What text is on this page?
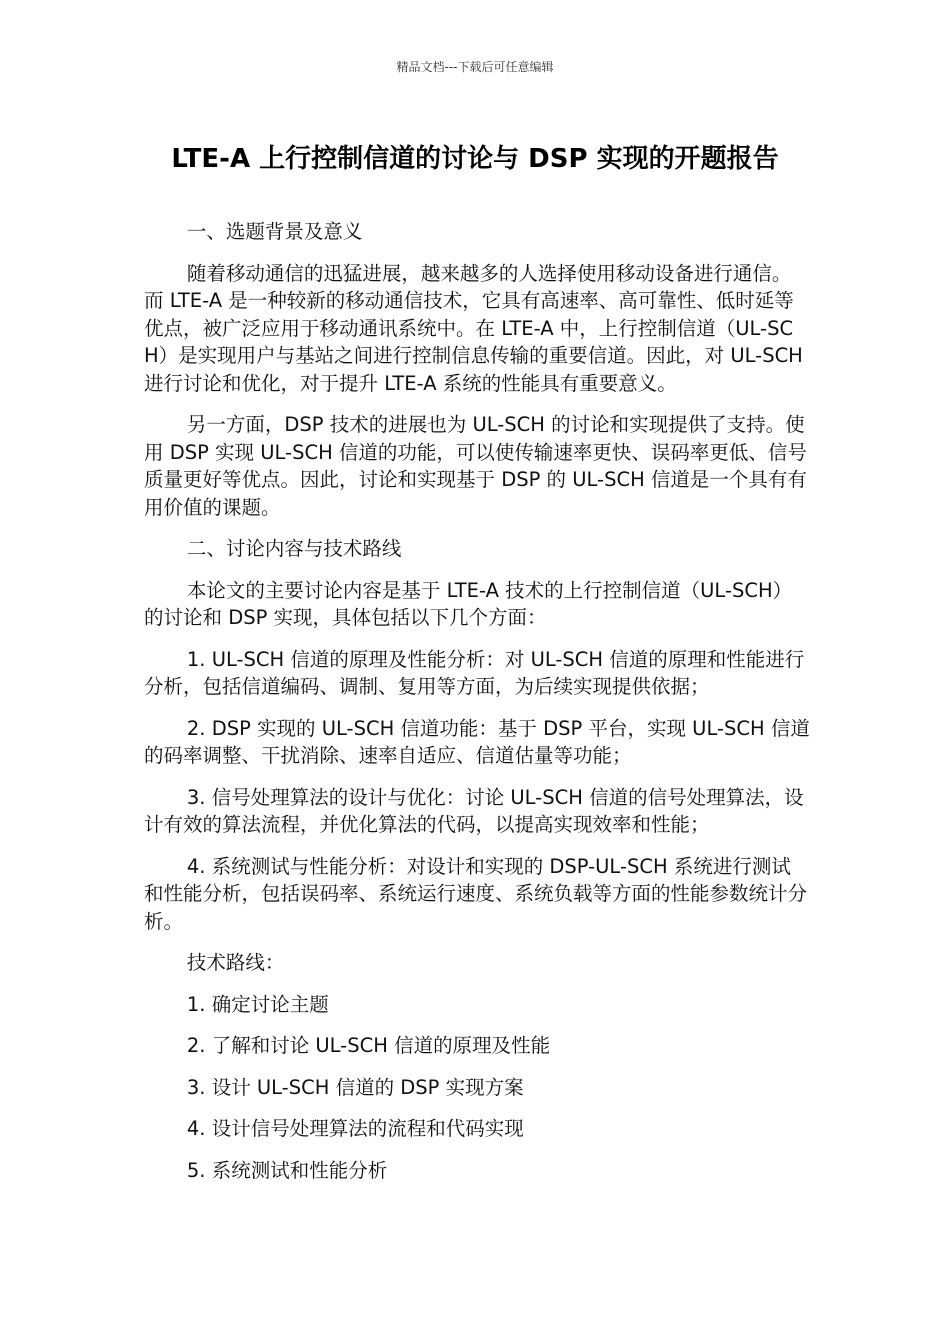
精品文档---下载后可任意编辑
LTE-A 上行控制信道的讨论与 DSP 实现的开题报告

一、选题背景及意义

随着移动通信的迅猛进展，越来越多的人选择使用移动设备进行通信。而 LTE-A 是一种较新的移动通信技术，它具有高速率、高可靠性、低时延等优点，被广泛应用于移动通讯系统中。在 LTE-A 中，上行控制信道（UL-SCH）是实现用户与基站之间进行控制信息传输的重要信道。因此，对 UL-SCH 进行讨论和优化，对于提升 LTE-A 系统的性能具有重要意义。

另一方面，DSP 技术的进展也为 UL-SCH 的讨论和实现提供了支持。使用 DSP 实现 UL-SCH 信道的功能，可以使传输速率更快、误码率更低、信号质量更好等优点。因此，讨论和实现基于 DSP 的 UL-SCH 信道是一个具有有用价值的课题。

二、讨论内容与技术路线

本论文的主要讨论内容是基于 LTE-A 技术的上行控制信道（UL-SCH）的讨论和 DSP 实现，具体包括以下几个方面：

1. UL-SCH 信道的原理及性能分析：对 UL-SCH 信道的原理和性能进行分析，包括信道编码、调制、复用等方面，为后续实现提供依据；

2. DSP 实现的 UL-SCH 信道功能：基于 DSP 平台，实现 UL-SCH 信道的码率调整、干扰消除、速率自适应、信道估量等功能；

3. 信号处理算法的设计与优化：讨论 UL-SCH 信道的信号处理算法，设计有效的算法流程，并优化算法的代码，以提高实现效率和性能；

4. 系统测试与性能分析：对设计和实现的 DSP-UL-SCH 系统进行测试和性能分析，包括误码率、系统运行速度、系统负载等方面的性能参数统计分析。

技术路线：

1. 确定讨论主题

2. 了解和讨论 UL-SCH 信道的原理及性能

3. 设计 UL-SCH 信道的 DSP 实现方案

4. 设计信号处理算法的流程和代码实现

5. 系统测试和性能分析
